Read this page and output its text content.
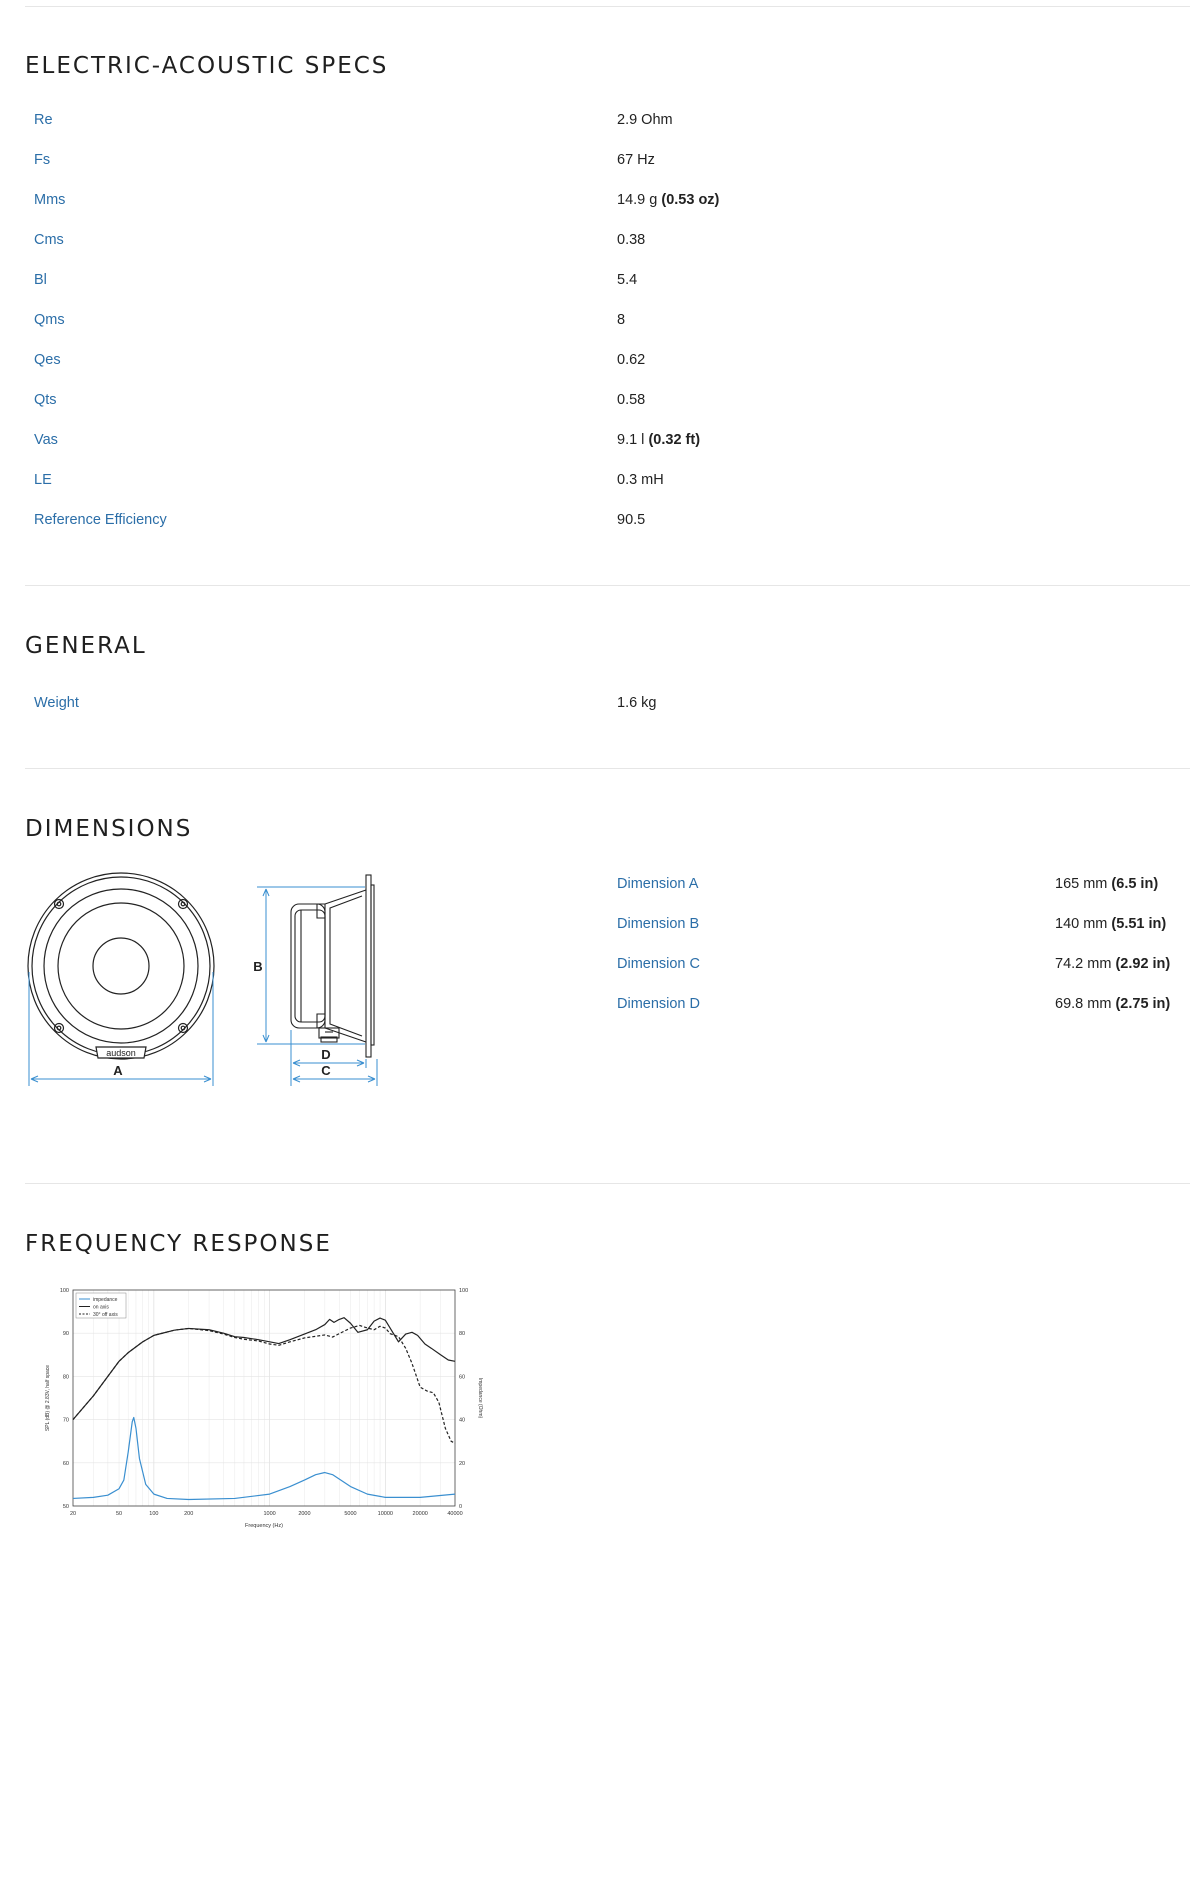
ELECTRIC-ACOUSTIC SPECS
Re	2.9 Ohm
Fs	67 Hz
Mms	14.9 g (0.53 oz)
Cms	0.38
Bl	5.4
Qms	8
Qes	0.62
Qts	0.58
Vas	9.1 l (0.32 ft)
LE	0.3 mH
Reference Efficiency	90.5
GENERAL
Weight	1.6 kg
DIMENSIONS
audson
A
B
D
C
Dimension A	165 mm (6.5 in)
Dimension B	140 mm (5.51 in)
Dimension C	74.2 mm (2.92 in)
Dimension D	69.8 mm (2.75 in)
FREQUENCY RESPONSE
20	50	100	200	1000	2000	5000	10000	20000	40000
50
60
70
80
90
100
0
20
40
60
80
100
Frequency (Hz)
SPL (dB) @ 2.83V, half space	Impedance (Ohm)
impedance
on axis
30° off axis
